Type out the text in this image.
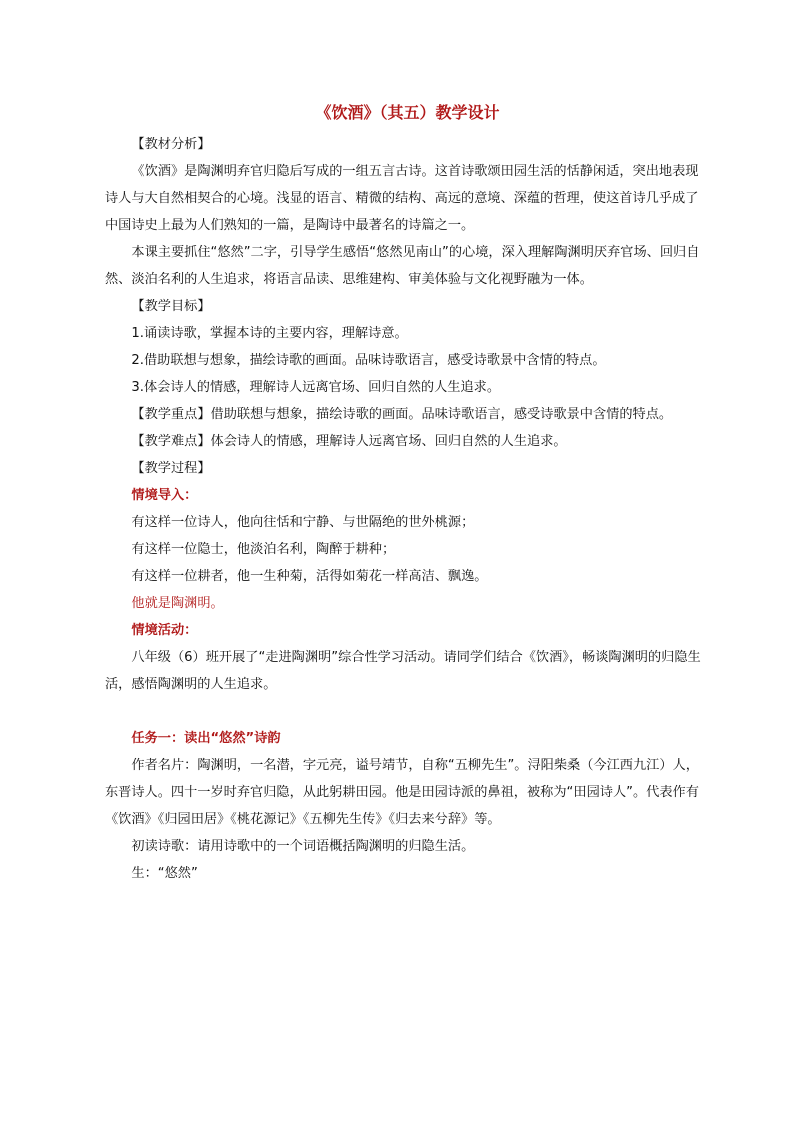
《饮酒》（其五）教学设计

【教材分析】

《饮酒》是陶渊明弃官归隐后写成的一组五言古诗。这首诗歌颂田园生活的恬静闲适，突出地表现诗人与大自然相契合的心境。浅显的语言、精微的结构、高远的意境、深蕴的哲理，使这首诗几乎成了中国诗史上最为人们熟知的一篇，是陶诗中最著名的诗篇之一。

本课主要抓住“悠然”二字，引导学生感悟“悠然见南山”的心境，深入理解陶渊明厌弃官场、回归自然、淡泊名利的人生追求，将语言品读、思维建构、审美体验与文化视野融为一体。

【教学目标】

1.诵读诗歌，掌握本诗的主要内容，理解诗意。

2.借助联想与想象，描绘诗歌的画面。品味诗歌语言，感受诗歌景中含情的特点。

3.体会诗人的情感，理解诗人远离官场、回归自然的人生追求。

【教学重点】借助联想与想象，描绘诗歌的画面。品味诗歌语言，感受诗歌景中含情的特点。

【教学难点】体会诗人的情感，理解诗人远离官场、回归自然的人生追求。

【教学过程】

情境导入：

有这样一位诗人，他向往恬和宁静、与世隔绝的世外桃源；

有这样一位隐士，他淡泊名利，陶醉于耕种；

有这样一位耕者，他一生种菊，活得如菊花一样高洁、飘逸。

他就是陶渊明。

情境活动：

八年级（6）班开展了“走进陶渊明”综合性学习活动。请同学们结合《饮酒》，畅谈陶渊明的归隐生活，感悟陶渊明的人生追求。

任务一：读出“悠然”诗韵

作者名片：陶渊明，一名潜，字元亮，谥号靖节，自称“五柳先生”。浔阳柴桑（今江西九江）人，东晋诗人。四十一岁时弃官归隐，从此躬耕田园。他是田园诗派的鼻祖，被称为“田园诗人”。代表作有《饮酒》《归园田居》《桃花源记》《五柳先生传》《归去来兮辞》等。

初读诗歌：请用诗歌中的一个词语概括陶渊明的归隐生活。

生：“悠然”
